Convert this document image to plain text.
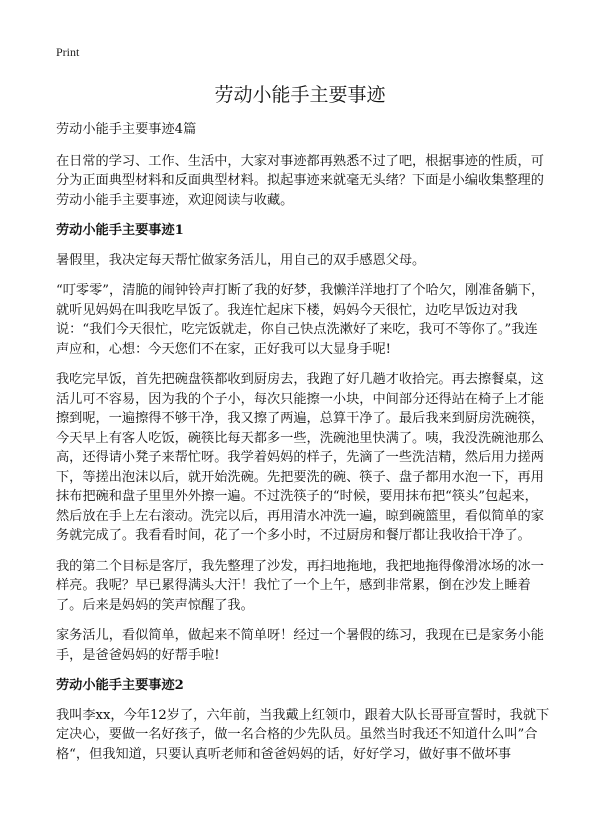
Print
劳动小能手主要事迹

劳动小能手主要事迹4篇

在日常的学习、工作、生活中，大家对事迹都再熟悉不过了吧，根据事迹的性质，可分为正面典型材料和反面典型材料。拟起事迹来就毫无头绪？下面是小编收集整理的劳动小能手主要事迹，欢迎阅读与收藏。

劳动小能手主要事迹1

暑假里，我决定每天帮忙做家务活儿，用自己的双手感恩父母。

“叮零零”，清脆的闹钟铃声打断了我的好梦，我懒洋洋地打了个哈欠，刚准备躺下，就听见妈妈在叫我吃早饭了。我连忙起床下楼，妈妈今天很忙，边吃早饭边对我说：“我们今天很忙，吃完饭就走，你自己快点洗漱好了来吃，我可不等你了。”我连声应和，心想：今天您们不在家，正好我可以大显身手呢!

我吃完早饭，首先把碗盘筷都收到厨房去，我跑了好几趟才收拾完。再去擦餐桌，这活儿可不容易，因为我的个子小，每次只能擦一小块，中间部分还得站在椅子上才能擦到呢，一遍擦得不够干净，我又擦了两遍，总算干净了。最后我来到厨房洗碗筷，今天早上有客人吃饭，碗筷比每天都多一些，洗碗池里快满了。咦，我没洗碗池那么高，还得请小凳子来帮忙呀。我学着妈妈的样子，先滴了一些洗洁精，然后用力搓两下，等搓出泡沫以后，就开始洗碗。先把要洗的碗、筷子、盘子都用水泡一下，再用抹布把碗和盘子里里外外擦一遍。不过洗筷子的“时候，要用抹布把“筷头”包起来，然后放在手上左右滚动。洗完以后，再用清水冲洗一遍，晾到碗篮里，看似简单的家务就完成了。我看看时间，花了一个多小时，不过厨房和餐厅都让我收拾干净了。

我的第二个目标是客厅，我先整理了沙发，再扫地拖地，我把地拖得像滑冰场的冰一样亮。我呢？早已累得满头大汗！我忙了一个上午，感到非常累，倒在沙发上睡着了。后来是妈妈的笑声惊醒了我。

家务活儿，看似简单，做起来不简单呀！经过一个暑假的练习，我现在已是家务小能手，是爸爸妈妈的好帮手啦!

劳动小能手主要事迹2

我叫李xx，今年12岁了，六年前，当我戴上红领巾，跟着大队长哥哥宣誓时，我就下定决心，要做一名好孩子，做一名合格的少先队员。虽然当时我还不知道什么叫”合格“，但我知道，只要认真听老师和爸爸妈妈的话，好好学习，做好事不做坏事
